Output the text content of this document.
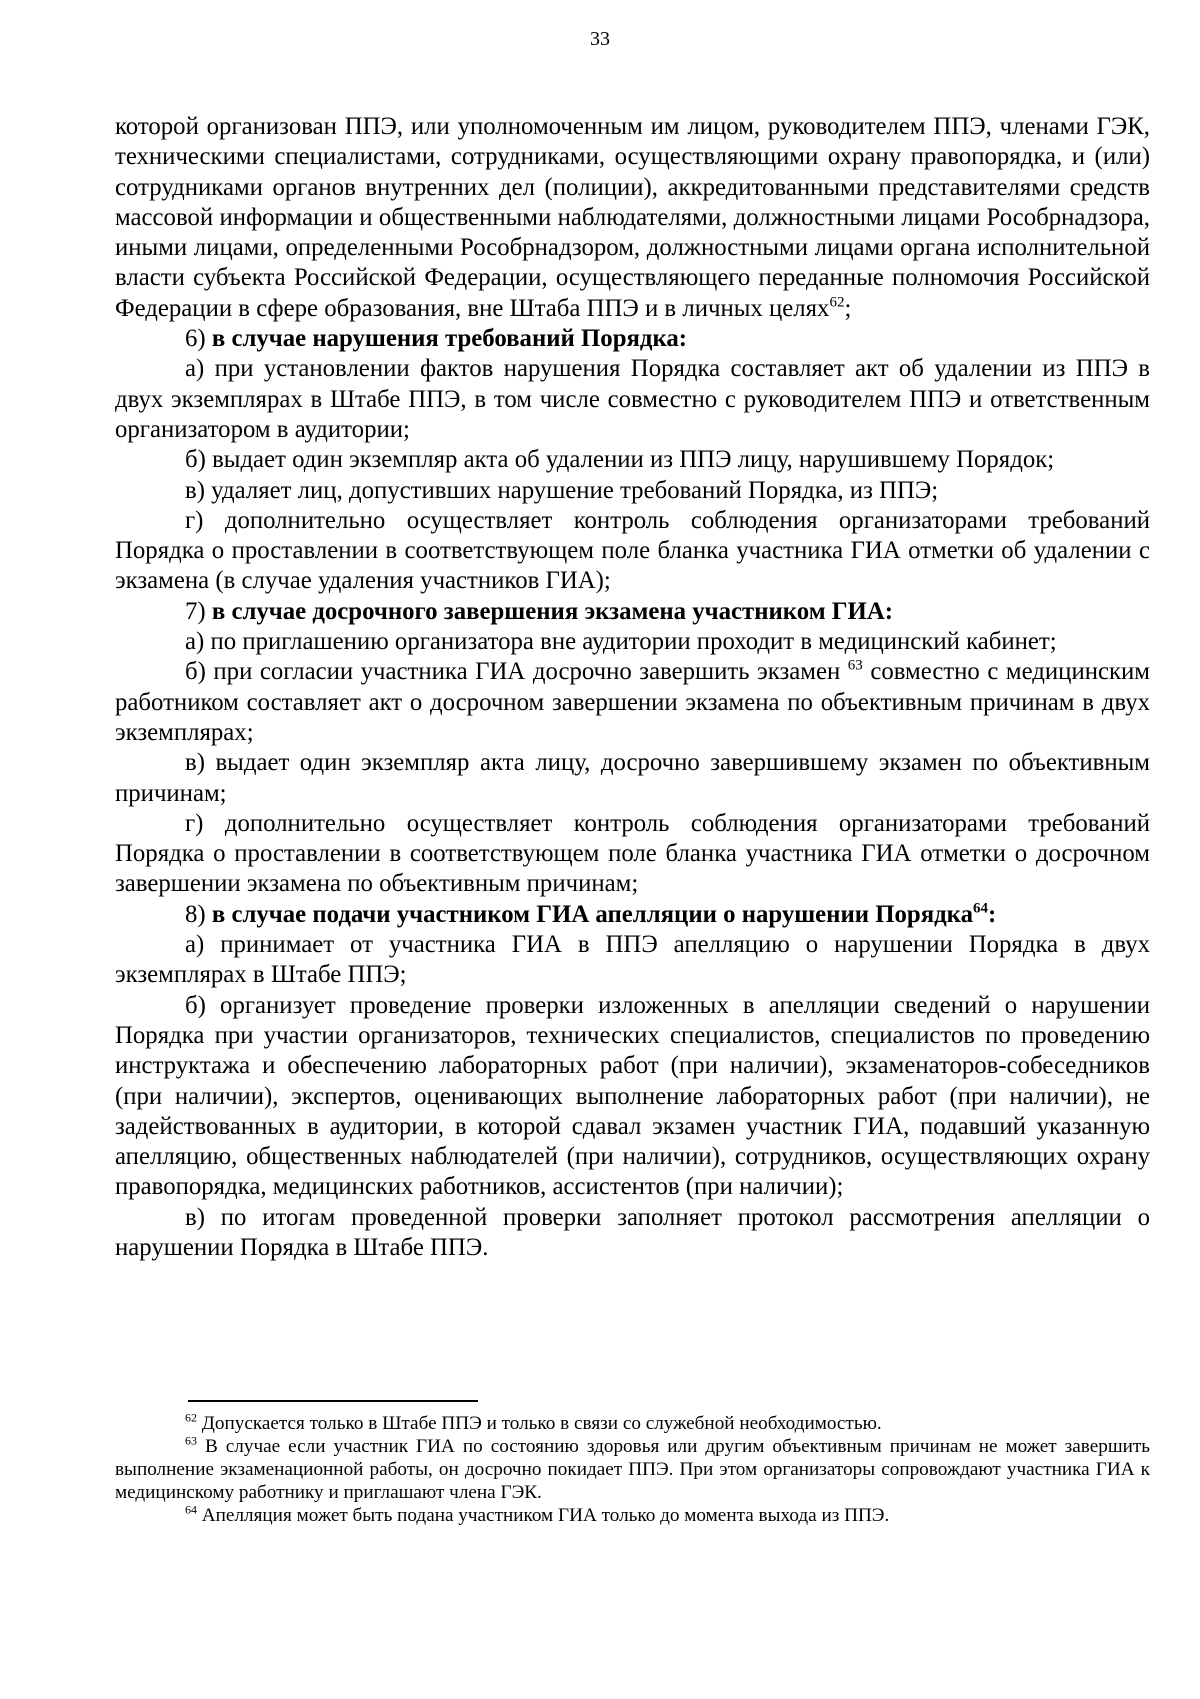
33

которой организован ППЭ, или уполномоченным им лицом, руководителем ППЭ, членами ГЭК, техническими специалистами, сотрудниками, осуществляющими охрану правопорядка, и (или) сотрудниками органов внутренних дел (полиции), аккредитованными представителями средств массовой информации и общественными наблюдателями, должностными лицами Рособрнадзора, иными лицами, определенными Рособрнадзором, должностными лицами органа исполнительной власти субъекта Российской Федерации, осуществляющего переданные полномочия Российской Федерации в сфере образования, вне Штаба ППЭ и в личных целях$^{62}$;

6) в случае нарушения требований Порядка:

а) при установлении фактов нарушения Порядка составляет акт об удалении из ППЭ в двух экземплярах в Штабе ППЭ, в том числе совместно с руководителем ППЭ и ответственным организатором в аудитории;

б) выдает один экземпляр акта об удалении из ППЭ лицу, нарушившему Порядок;

в) удаляет лиц, допустивших нарушение требований Порядка, из ППЭ;

г) дополнительно осуществляет контроль соблюдения организаторами требований Порядка о проставлении в соответствующем поле бланка участника ГИА отметки об удалении с экзамена (в случае удаления участников ГИА);

7) в случае досрочного завершения экзамена участником ГИА:

а) по приглашению организатора вне аудитории проходит в медицинский кабинет;

б) при согласии участника ГИА досрочно завершить экзамен $^{63}$ совместно с медицинским работником составляет акт о досрочном завершении экзамена по объективным причинам в двух экземплярах;

в) выдает один экземпляр акта лицу, досрочно завершившему экзамен по объективным причинам;

г) дополнительно осуществляет контроль соблюдения организаторами требований Порядка о проставлении в соответствующем поле бланка участника ГИА отметки о досрочном завершении экзамена по объективным причинам;

8) в случае подачи участником ГИА апелляции о нарушении Порядка$^{64}$:

а) принимает от участника ГИА в ППЭ апелляцию о нарушении Порядка в двух экземплярах в Штабе ППЭ;

б) организует проведение проверки изложенных в апелляции сведений о нарушении Порядка при участии организаторов, технических специалистов, специалистов по проведению инструктажа и обеспечению лабораторных работ (при наличии), экзаменаторов-собеседников (при наличии), экспертов, оценивающих выполнение лабораторных работ (при наличии), не задействованных в аудитории, в которой сдавал экзамен участник ГИА, подавший указанную апелляцию, общественных наблюдателей (при наличии), сотрудников, осуществляющих охрану правопорядка, медицинских работников, ассистентов (при наличии);

в) по итогам проведенной проверки заполняет протокол рассмотрения апелляции о нарушении Порядка в Штабе ППЭ.

$^{62}$ Допускается только в Штабе ППЭ и только в связи со служебной необходимостью.

$^{63}$ В случае если участник ГИА по состоянию здоровья или другим объективным причинам не может завершить выполнение экзаменационной работы, он досрочно покидает ППЭ. При этом организаторы сопровождают участника ГИА к медицинскому работнику и приглашают члена ГЭК.

$^{64}$ Апелляция может быть подана участником ГИА только до момента выхода из ППЭ.
